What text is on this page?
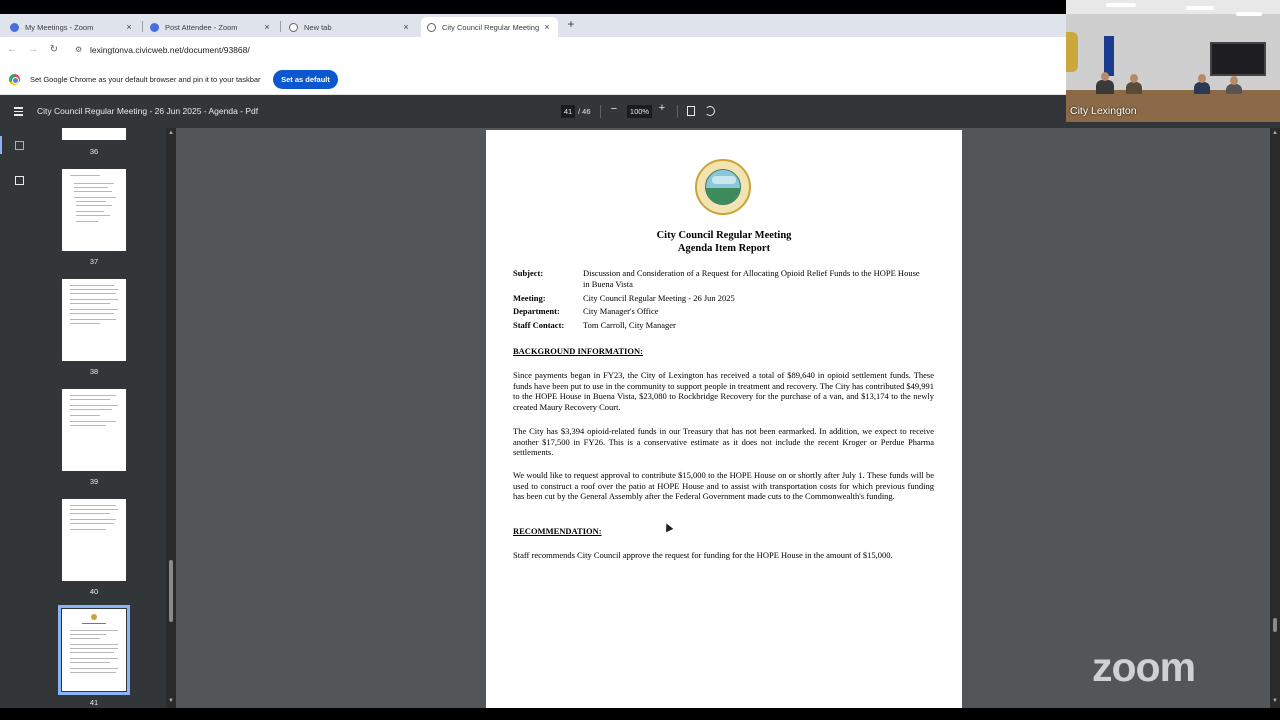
My Meetings - Zoom	×	Post Attendee - Zoom	×	New tab	×	City Council Regular Meeting × +
← → ↻ ⚙ lexingtonva.civicweb.net/document/93868/
Set Google Chrome as your default browser and pin it to your taskbar	Set as default
City Council Regular Meeting - 26 Jun 2025 - Agenda - Pdf	41 / 46 −	100% +
36
37
38
39
40
41
▲
▼
▲
▼
City Council Regular Meeting
Agenda Item Report
Subject:	Discussion and Consideration of a Request for Allocating Opioid Relief Funds to the HOPE House in Buena Vista
Meeting:	City Council Regular Meeting - 26 Jun 2025
Department:	City Manager's Office
Staff Contact: Tom Carroll, City Manager
BACKGROUND INFORMATION:
Since payments began in FY23, the City of Lexington has received a total of $89,640 in opioid settlement funds. These funds have been put to use in the community to support people in treatment and recovery. The City has contributed $49,991 to the HOPE House in Buena Vista, $23,080 to Rockbridge Recovery for the purchase of a van, and $13,174 to the newly created Maury Recovery Court.
The City has $3,394 opioid-related funds in our Treasury that has not been earmarked. In addition, we expect to receive another $17,500 in FY26. This is a conservative estimate as it does not include the recent Kroger or Perdue Pharma settlements.
We would like to request approval to contribute $15,000 to the HOPE House on or shortly after July 1. These funds will be used to construct a roof over the patio at HOPE House and to assist with transportation costs for which previous funding has been cut by the General Assembly after the Federal Government made cuts to the Commonwealth's funding.
RECOMMENDATION:
Staff recommends City Council approve the request for funding for the HOPE House in the amount of $15,000.
City Lexington
zoom
